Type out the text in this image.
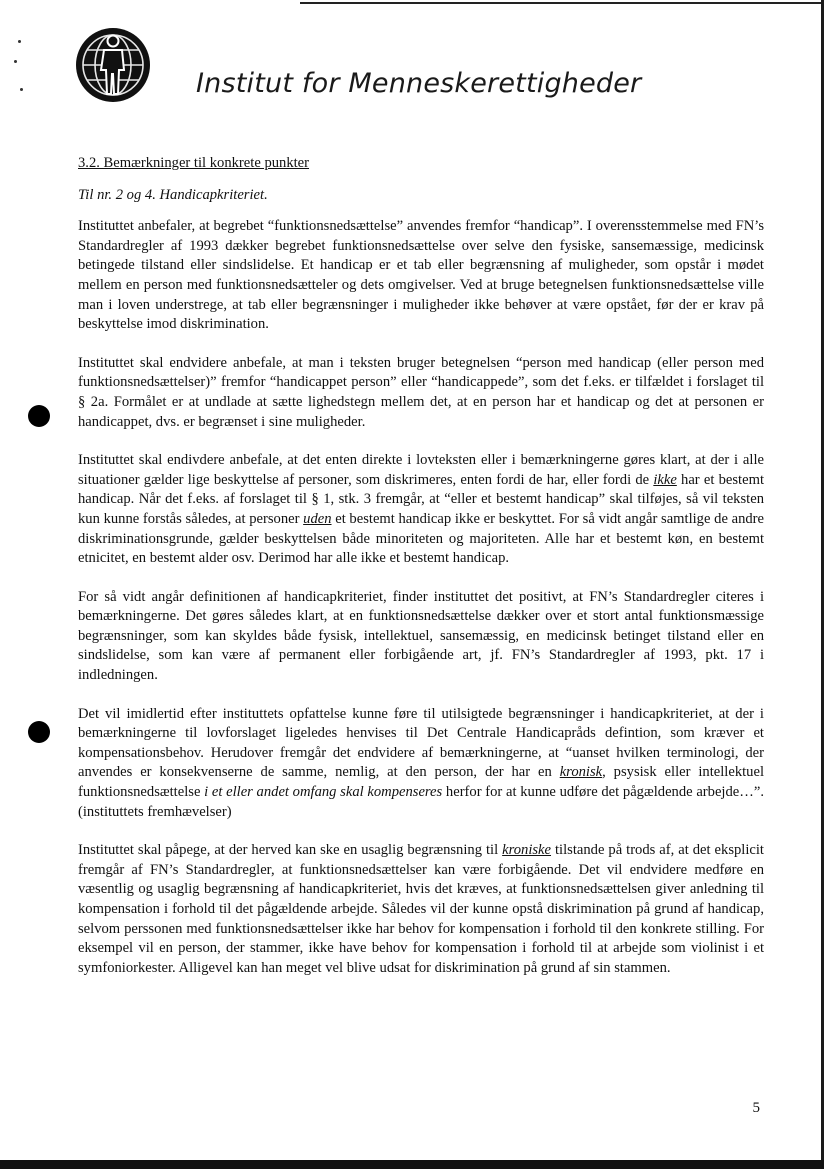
Institut for Menneskerettigheder

3.2. Bemærkninger til konkrete punkter

Til nr. 2 og 4. Handicapkriteriet.

Instituttet anbefaler, at begrebet “funktionsnedsættelse” anvendes fremfor “handicap”. I overensstemmelse med FN’s Standardregler af 1993 dækker begrebet funktionsnedsættelse over selve den fysiske, sansemæssige, medicinsk betingede tilstand eller sindslidelse. Et handicap er et tab eller begrænsning af muligheder, som opstår i mødet mellem en person med funktionsnedsætteler og dets omgivelser. Ved at bruge betegnelsen funktionsnedsættelse ville man i loven understrege, at tab eller begrænsninger i muligheder ikke behøver at være opstået, før der er krav på beskyttelse imod diskrimination.

Instituttet skal endvidere anbefale, at man i teksten bruger betegnelsen “person med handicap (eller person med funktionsnedsættelser)” fremfor “handicappet person” eller “handicappede”, som det f.eks. er tilfældet i forslaget til § 2a. Formålet er at undlade at sætte lighedstegn mellem det, at en person har et handicap og det at personen er handicappet, dvs. er begrænset i sine muligheder.

Instituttet skal endivdere anbefale, at det enten direkte i lovteksten eller i bemærkningerne gøres klart, at der i alle situationer gælder lige beskyttelse af personer, som diskrimeres, enten fordi de har, eller fordi de ikke har et bestemt handicap. Når det f.eks. af forslaget til § 1, stk. 3 fremgår, at “eller et bestemt handicap” skal tilføjes, så vil teksten kun kunne forstås således, at personer uden et bestemt handicap ikke er beskyttet. For så vidt angår samtlige de andre diskriminationsgrunde, gælder beskyttelsen både minoriteten og majoriteten. Alle har et bestemt køn, en bestemt etnicitet, en bestemt alder osv. Derimod har alle ikke et bestemt handicap.

For så vidt angår definitionen af handicapkriteriet, finder instituttet det positivt, at FN’s Standardregler citeres i bemærkningerne. Det gøres således klart, at en funktionsnedsættelse dækker over et stort antal funktionsmæssige begrænsninger, som kan skyldes både fysisk, intellektuel, sansemæssig, en medicinsk betinget tilstand eller en sindslidelse, som kan være af permanent eller forbigående art, jf. FN’s Standardregler af 1993, pkt. 17 i indledningen.

Det vil imidlertid efter instituttets opfattelse kunne føre til utilsigtede begrænsninger i handicapkriteriet, at der i bemærkningerne til lovforslaget ligeledes henvises til Det Centrale Handicapråds defintion, som kræver et kompensationsbehov. Herudover fremgår det endvidere af bemærkningerne, at “uanset hvilken terminologi, der anvendes er konsekvenserne de samme, nemlig, at den person, der har en kronisk, psysisk eller intellektuel funktionsnedsættelse i et eller andet omfang skal kompenseres herfor for at kunne udføre det pågældende arbejde…”. (instituttets fremhævelser)

Instituttet skal påpege, at der herved kan ske en usaglig begrænsning til kroniske tilstande på trods af, at det eksplicit fremgår af FN’s Standardregler, at funktionsnedsættelser kan være forbigående. Det vil endvidere medføre en væsentlig og usaglig begrænsning af handicapkriteriet, hvis det kræves, at funktionsnedsættelsen giver anledning til kompensation i forhold til det pågældende arbejde. Således vil der kunne opstå diskrimination på grund af handicap, selvom perssonen med funktionsnedsættelser ikke har behov for kompensation i forhold til den konkrete stilling. For eksempel vil en person, der stammer, ikke have behov for kompensation i forhold til at arbejde som violinist i et symfoniorkester. Alligevel kan han meget vel blive udsat for diskrimination på grund af sin stammen.

5
